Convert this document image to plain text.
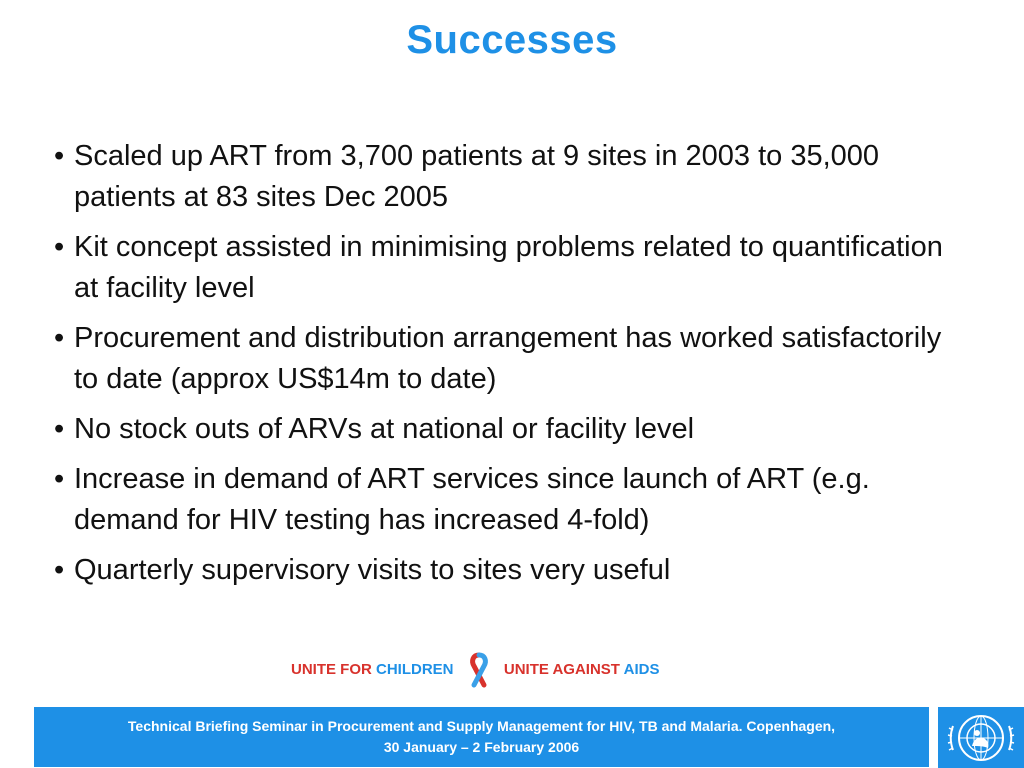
Successes
• Scaled up ART from 3,700 patients at 9 sites in 2003 to 35,000 patients at 83 sites Dec 2005
• Kit concept assisted in minimising problems related to quantification at facility level
• Procurement and distribution arrangement has worked satisfactorily to date (approx US$14m to date)
• No stock outs of ARVs at national or facility level
• Increase in demand of ART services since launch of ART (e.g. demand for HIV testing has increased 4-fold)
• Quarterly supervisory visits to sites very useful
UNITE FOR CHILDREN	UNITE AGAINST AIDS
Technical Briefing Seminar in Procurement and Supply Management for HIV, TB and Malaria. Copenhagen,
30 January – 2 February 2006
